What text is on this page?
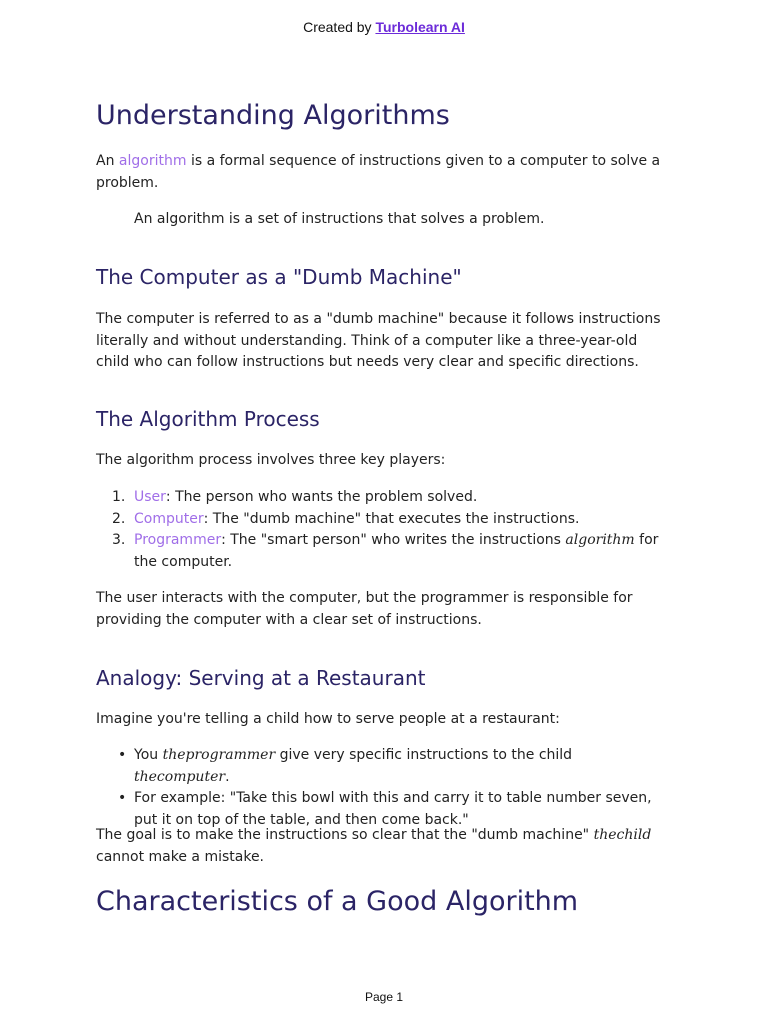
Created by Turbolearn AI
Understanding Algorithms

An algorithm is a formal sequence of instructions given to a computer to solve a problem.

An algorithm is a set of instructions that solves a problem.
The Computer as a "Dumb Machine"

The computer is referred to as a "dumb machine" because it follows instructions literally and without understanding. Think of a computer like a three-year-old child who can follow instructions but needs very clear and specific directions.

The Algorithm Process

The algorithm process involves three key players:

1. User: The person who wants the problem solved.
2. Computer: The "dumb machine" that executes the instructions.
3. Programmer: The "smart person" who writes the instructions algorithm for the computer.

The user interacts with the computer, but the programmer is responsible for providing the computer with a clear set of instructions.

Analogy: Serving at a Restaurant

Imagine you're telling a child how to serve people at a restaurant:

• You theprogrammer give very specific instructions to the child thecomputer.
• For example: "Take this bowl with this and carry it to table number seven, put it on top of the table, and then come back."

The goal is to make the instructions so clear that the "dumb machine" thechild cannot make a mistake.

Characteristics of a Good Algorithm
Page 1
